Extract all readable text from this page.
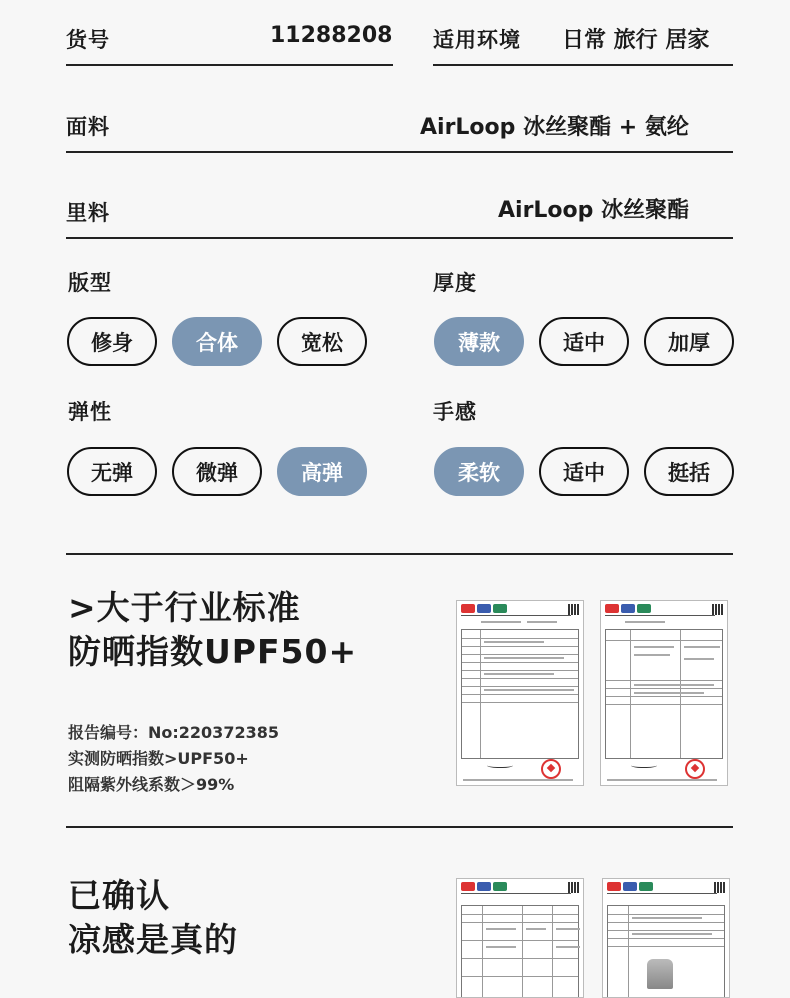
货号	11288208 适用环境 日常 旅行 居家
面料	AirLoop 冰丝聚酯 + 氨纶
里料	AirLoop 冰丝聚酯
版型
修身	合体	宽松
厚度
薄款	适中	加厚
弹性
无弹	微弹	高弹
手感
柔软	适中	挺括
>大于行业标准
防晒指数UPF50+
报告编号：No:220372385
实测防晒指数>UPF50+
阻隔紫外线系数＞99%
已确认
凉感是真的
